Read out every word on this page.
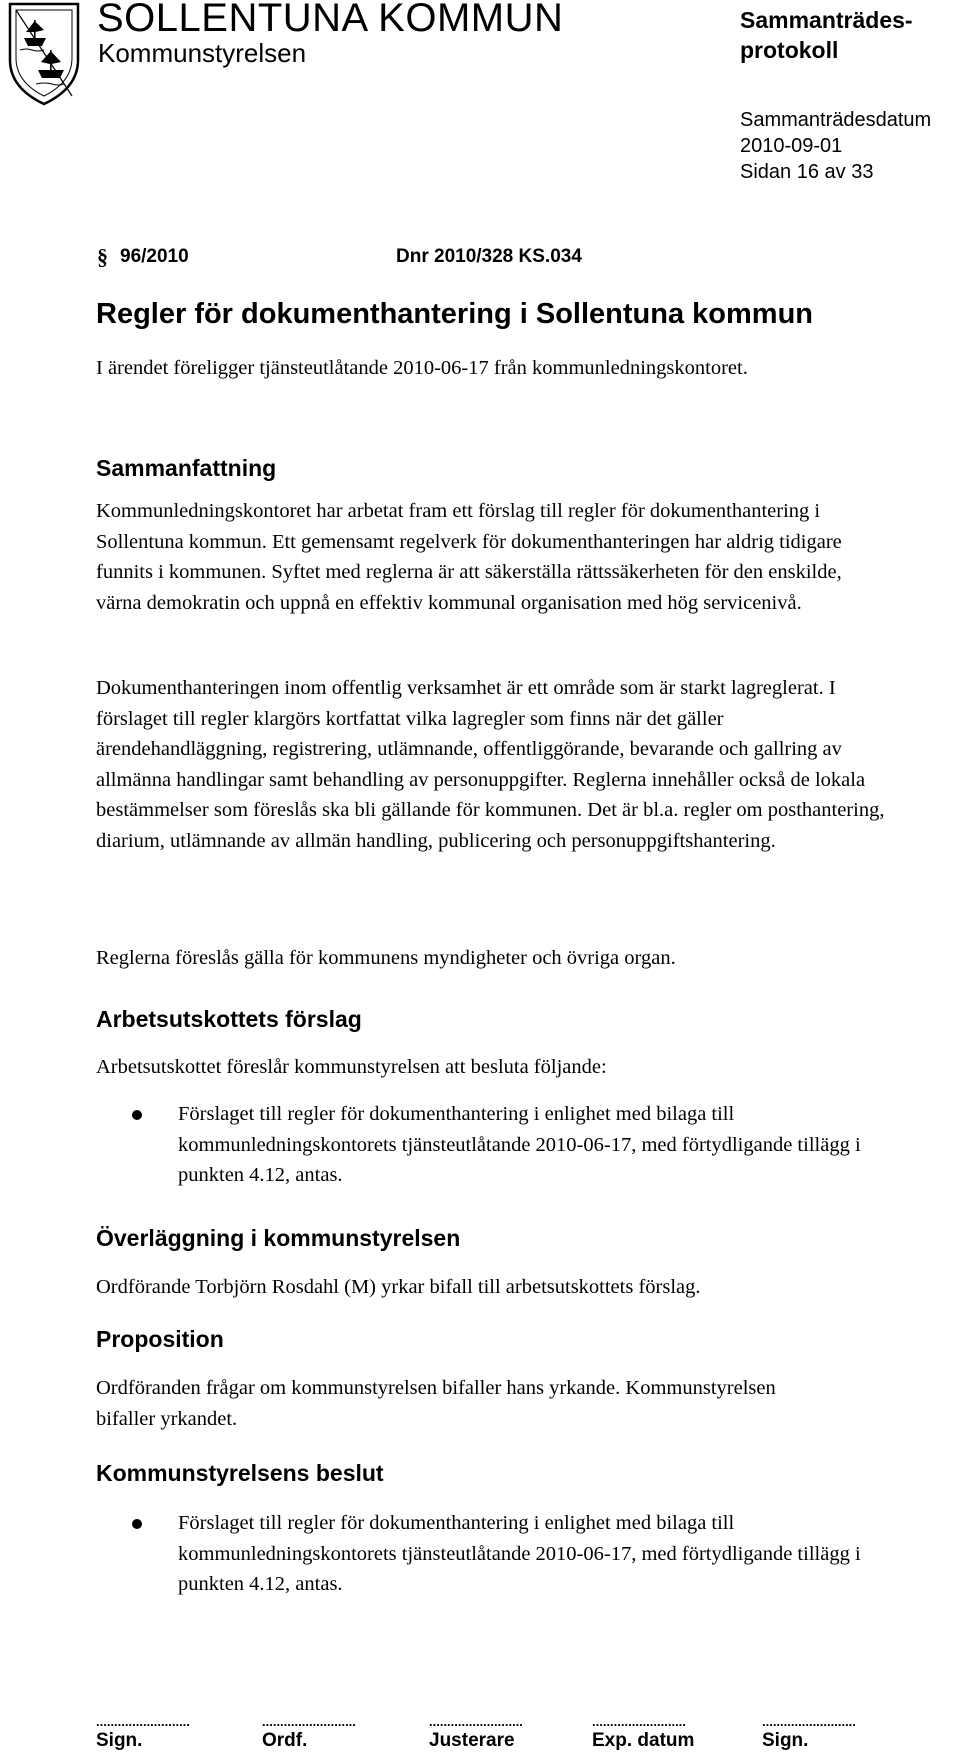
SOLLENTUNA KOMMUN
Kommunstyrelsen
Sammanträdes-
protokoll
Sammanträdesdatum
2010-09-01
Sidan 16 av 33
§ 96/2010	Dnr 2010/328 KS.034
Regler för dokumenthantering i Sollentuna kommun

I ärendet föreligger tjänsteutlåtande 2010-06-17 från kommunledningskontoret.

Sammanfattning

Kommunledningskontoret har arbetat fram ett förslag till regler för dokumenthantering i Sollentuna kommun. Ett gemensamt regelverk för dokumenthanteringen har aldrig tidigare funnits i kommunen. Syftet med reglerna är att säkerställa rättssäkerheten för den enskilde, värna demokratin och uppnå en effektiv kommunal organisation med hög servicenivå.

Dokumenthanteringen inom offentlig verksamhet är ett område som är starkt lagreglerat. I förslaget till regler klargörs kortfattat vilka lagregler som finns när det gäller ärendehandläggning, registrering, utlämnande, offentliggörande, bevarande och gallring av allmänna handlingar samt behandling av personuppgifter. Reglerna innehåller också de lokala bestämmelser som föreslås ska bli gällande för kommunen. Det är bl.a. regler om posthantering, diarium, utlämnande av allmän handling, publicering och personuppgiftshantering.

Reglerna föreslås gälla för kommunens myndigheter och övriga organ.

Arbetsutskottets förslag

Arbetsutskottet föreslår kommunstyrelsen att besluta följande:

Förslaget till regler för dokumenthantering i enlighet med bilaga till kommunledningskontorets tjänsteutlåtande 2010-06-17, med förtydligande tillägg i punkten 4.12, antas.
Överläggning i kommunstyrelsen

Ordförande Torbjörn Rosdahl (M) yrkar bifall till arbetsutskottets förslag.

Proposition

Ordföranden frågar om kommunstyrelsen bifaller hans yrkande. Kommunstyrelsen bifaller yrkandet.

Kommunstyrelsens beslut
Förslaget till regler för dokumenthantering i enlighet med bilaga till kommunledningskontorets tjänsteutlåtande 2010-06-17, med förtydligande tillägg i punkten 4.12, antas.
..........................	..........................	..........................	..........................	..........................
Sign.	Ordf.	Justerare	Exp. datum	Sign.
